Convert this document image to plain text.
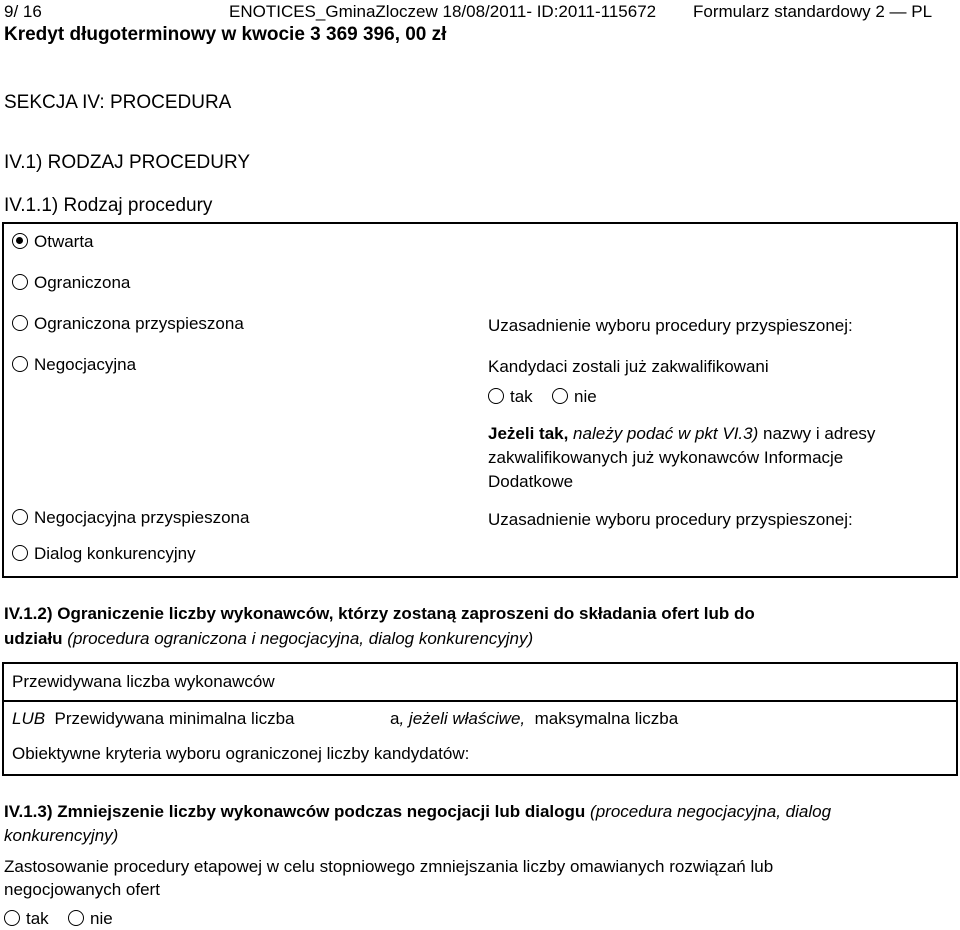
9/ 16	ENOTICES_GminaZloczew 18/08/2011- ID:2011-115672 Formularz standardowy 2 — PL
Kredyt długoterminowy w kwocie 3 369 396, 00 zł
SEKCJA IV: PROCEDURA
IV.1) RODZAJ PROCEDURY
IV.1.1) Rodzaj procedury
Otwarta
Ograniczona
Ograniczona przyspieszona
Negocjacyjna
Negocjacyjna przyspieszona
Dialog konkurencyjny
Uzasadnienie wyboru procedury przyspieszonej:
Kandydaci zostali już zakwalifikowani
tak	nie
Jeżeli tak, należy podać w pkt VI.3) nazwy i adresy
zakwalifikowanych już wykonawców Informacje
Dodatkowe
Uzasadnienie wyboru procedury przyspieszonej:
IV.1.2) Ograniczenie liczby wykonawców, którzy zostaną zaproszeni do składania ofert lub do
udziału (procedura ograniczona i negocjacyjna, dialog konkurencyjny)
Przewidywana liczba wykonawców
LUB Przewidywana minimalna liczba	a, jeżeli właściwe, maksymalna liczba
Obiektywne kryteria wyboru ograniczonej liczby kandydatów:
IV.1.3) Zmniejszenie liczby wykonawców podczas negocjacji lub dialogu (procedura negocjacyjna, dialog
konkurencyjny)
Zastosowanie procedury etapowej w celu stopniowego zmniejszania liczby omawianych rozwiązań lub
negocjowanych ofert
tak	nie
